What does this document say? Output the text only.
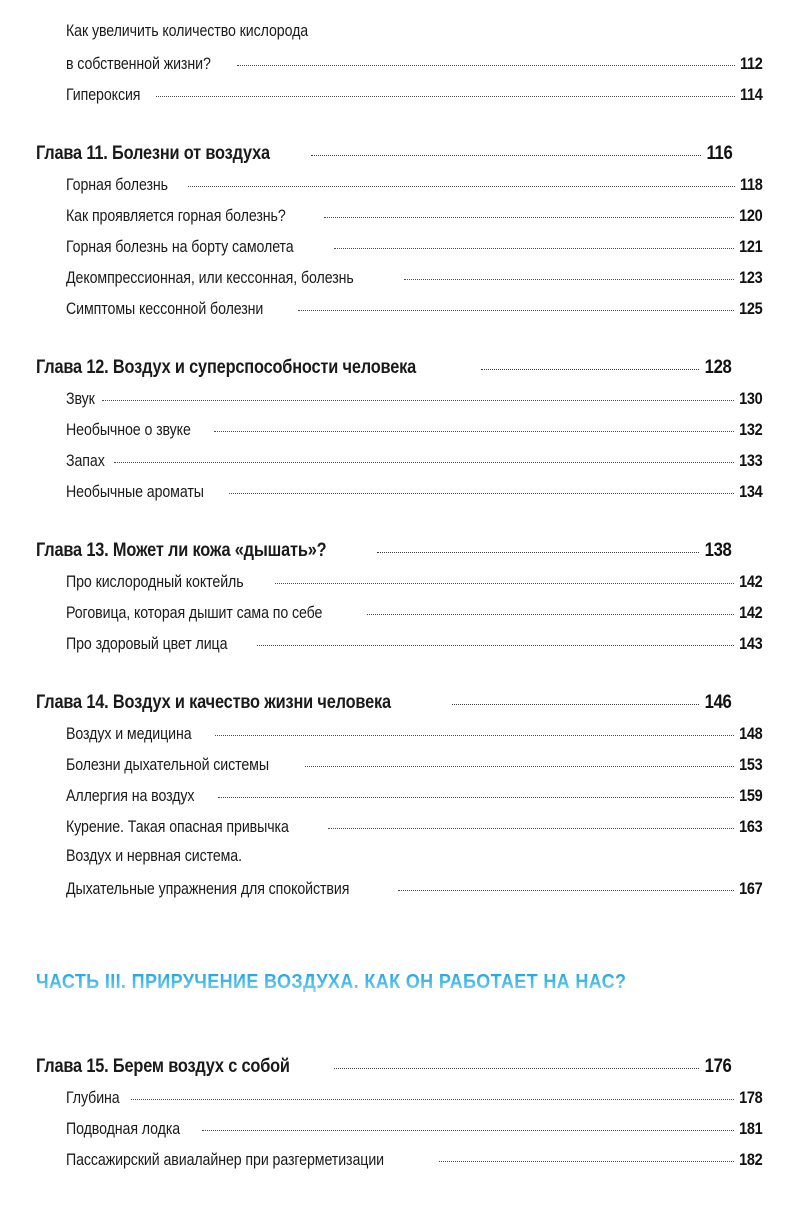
Как увеличить количество кислорода
в собственной жизни?	112
Гипероксия	114
Глава 11. Болезни от воздуха	116
Горная болезнь	118
Как проявляется горная болезнь?	120
Горная болезнь на борту самолета	121
Декомпрессионная, или кессонная, болезнь	123
Симптомы кессонной болезни	125
Глава 12. Воздух и суперспособности человека	128
Звук	130
Необычное о звуке	132
Запах	133
Необычные ароматы	134
Глава 13. Может ли кожа «дышать»?	138
Про кислородный коктейль	142
Роговица, которая дышит сама по себе	142
Про здоровый цвет лица	143
Глава 14. Воздух и качество жизни человека	146
Воздух и медицина	148
Болезни дыхательной системы	153
Аллергия на воздух	159
Курение. Такая опасная привычка	163
Воздух и нервная система.
Дыхательные упражнения для спокойствия	167
ЧАСТЬ III. ПРИРУЧЕНИЕ ВОЗДУХА. КАК ОН РАБОТАЕТ НА НАС?
Глава 15. Берем воздух с собой	176
Глубина	178
Подводная лодка	181
Пассажирский авиалайнер при разгерметизации	182
